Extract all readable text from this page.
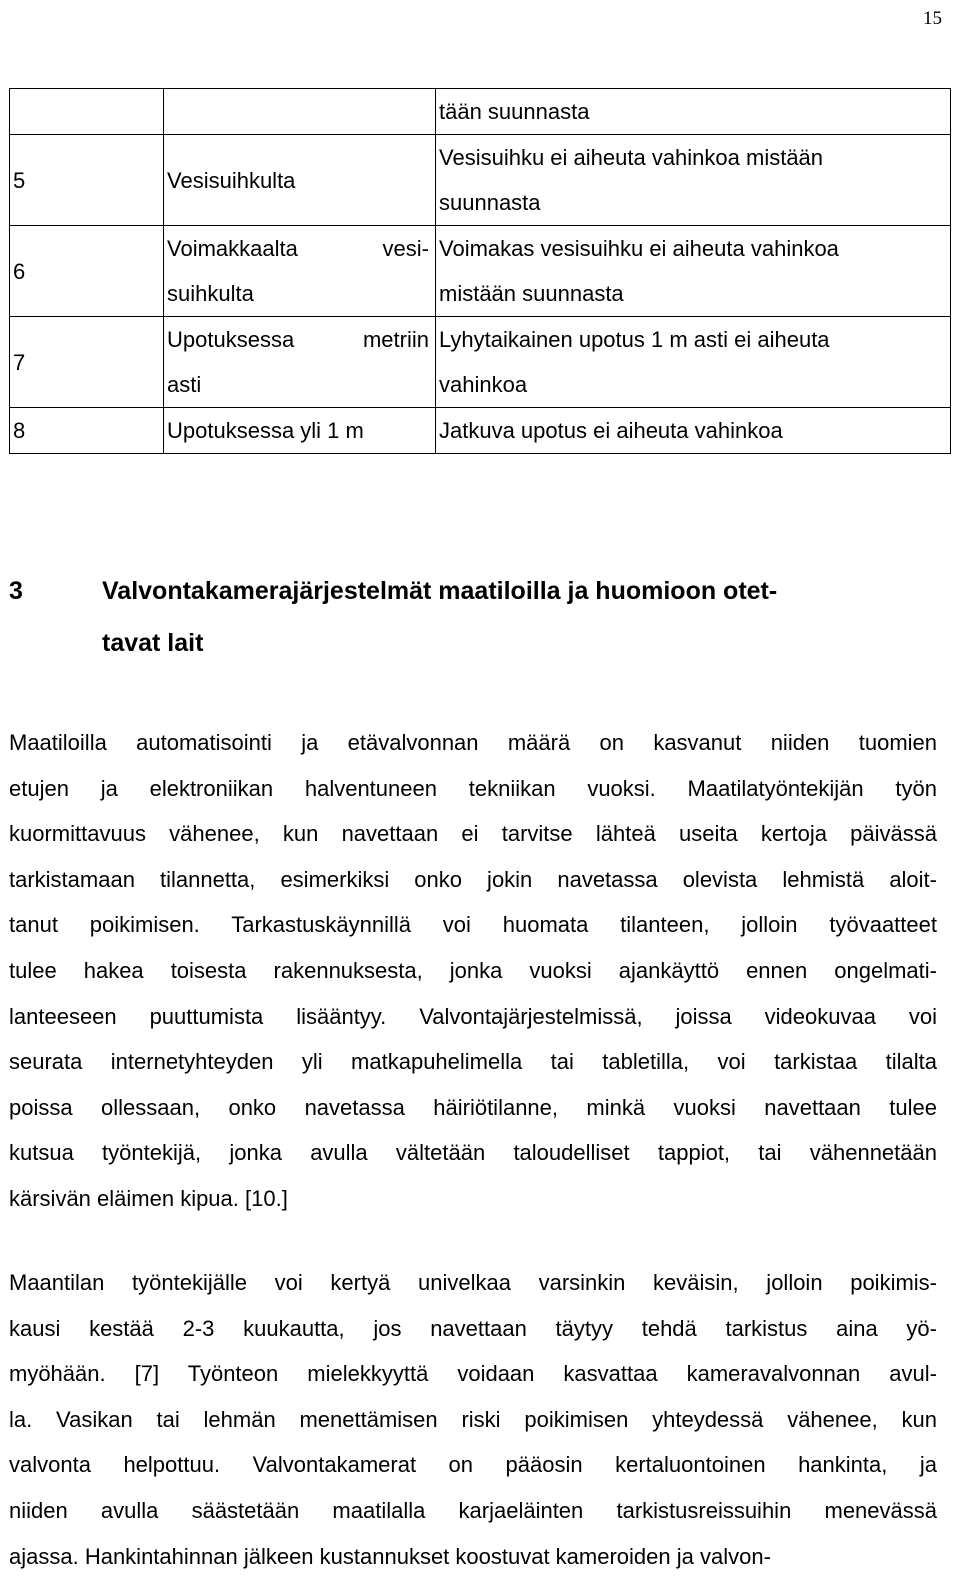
15

		tään suunnasta

5	Vesisuihkulta	Vesisuihku ei aiheuta vahinkoa mistään
suunnasta

6	Voimakkaalta vesi-
suihkulta	Voimakas vesisuihku ei aiheuta vahinkoa
mistään suunnasta

7	Upotuksessa metriin
asti	Lyhytaikainen upotus 1 m asti ei aiheuta
vahinkoa

8	Upotuksessa yli 1 m	Jatkuva upotus ei aiheuta vahinkoa
3	Valvontakamerajärjestelmät maatiloilla ja huomioon otet-
tavat lait
Maatiloilla automatisointi ja etävalvonnan määrä on kasvanut niiden tuomien
etujen ja elektroniikan halventuneen tekniikan vuoksi. Maatilatyöntekijän työn
kuormittavuus vähenee, kun navettaan ei tarvitse lähteä useita kertoja päivässä
tarkistamaan tilannetta, esimerkiksi onko jokin navetassa olevista lehmistä aloit-
tanut poikimisen. Tarkastuskäynnillä voi huomata tilanteen, jolloin työvaatteet
tulee hakea toisesta rakennuksesta, jonka vuoksi ajankäyttö ennen ongelmati-
lanteeseen puuttumista lisääntyy. Valvontajärjestelmissä, joissa videokuvaa voi
seurata internetyhteyden yli matkapuhelimella tai tabletilla, voi tarkistaa tilalta
poissa ollessaan, onko navetassa häiriötilanne, minkä vuoksi navettaan tulee
kutsua työntekijä, jonka avulla vältetään taloudelliset tappiot, tai vähennetään
kärsivän eläimen kipua. [10.]
Maantilan työntekijälle voi kertyä univelkaa varsinkin keväisin, jolloin poikimis-
kausi kestää 2-3 kuukautta, jos navettaan täytyy tehdä tarkistus aina yö-
myöhään. [7] Työnteon mielekkyyttä voidaan kasvattaa kameravalvonnan avul-
la. Vasikan tai lehmän menettämisen riski poikimisen yhteydessä vähenee, kun
valvonta helpottuu. Valvontakamerat on pääosin kertaluontoinen hankinta, ja
niiden avulla säästetään maatilalla karjaeläinten tarkistusreissuihin menevässä
ajassa. Hankintahinnan jälkeen kustannukset koostuvat kameroiden ja valvon-
